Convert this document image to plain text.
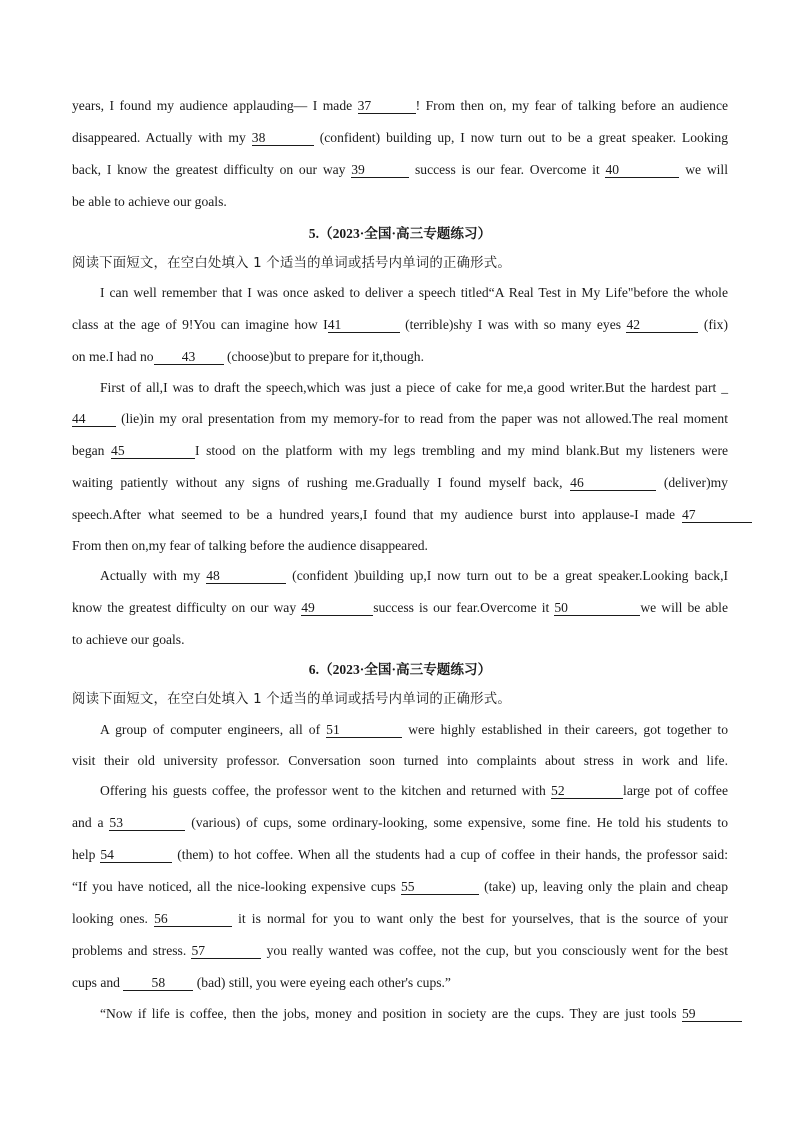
years, I found my audience applauding— I made 37	! From then on, my fear of talking before an audience
disappeared. Actually with my 38	(confident) building up, I now turn out to be a great speaker. Looking
back, I know the greatest difficulty on our way 39	success is our fear. Overcome it 40	we will
be able to achieve our goals.
5.（2023·全国·高三专题练习）
阅读下面短文，在空白处填入 1 个适当的单词或括号内单词的正确形式。
I can well remember that I was once asked to deliver a speech titled“A Real Test in My Life"before the whole
class at the age of 9!You can imagine how I41	(terrible)shy I was with so many eyes 42	(fix)
on me.I had no 43 (choose)but to prepare for it,though.
First of all,I was to draft the speech,which was just a piece of cake for me,a good writer.But the hardest part _
44 (lie)in my oral presentation from my memory-for to read from the paper was not allowed.The real moment
began 45	I stood on the platform with my legs trembling and my mind blank.But my listeners were
waiting patiently without any signs of rushing me.Gradually I found myself back, 46	(deliver)my
speech.After what seemed to be a hundred years,I found that my audience burst into applause-I made 47
From then on,my fear of talking before the audience disappeared.
Actually with my 48	(confident )building up,I now turn out to be a great speaker.Looking back,I
know the greatest difficulty on our way 49	success is our fear.Overcome it 50	we will be able
to achieve our goals.
6.（2023·全国·高三专题练习）
阅读下面短文，在空白处填入 1 个适当的单词或括号内单词的正确形式。
A group of computer engineers, all of 51	were highly established in their careers, got together to
visit their old university professor. Conversation soon turned into complaints about stress in work and life.
Offering his guests coffee, the professor went to the kitchen and returned with 52	large pot of coffee
and a 53	(various) of cups, some ordinary-looking, some expensive, some fine. He told his students to
help 54	(them) to hot coffee. When all the students had a cup of coffee in their hands, the professor said:
“If you have noticed, all the nice-looking expensive cups 55	(take) up, leaving only the plain and cheap
looking ones. 56	it is normal for you to want only the best for yourselves, that is the source of your
problems and stress. 57	you really wanted was coffee, not the cup, but you consciously went for the best
cups and 58 (bad) still, you were eyeing each other's cups.”
“Now if life is coffee, then the jobs, money and position in society are the cups. They are just tools 59
